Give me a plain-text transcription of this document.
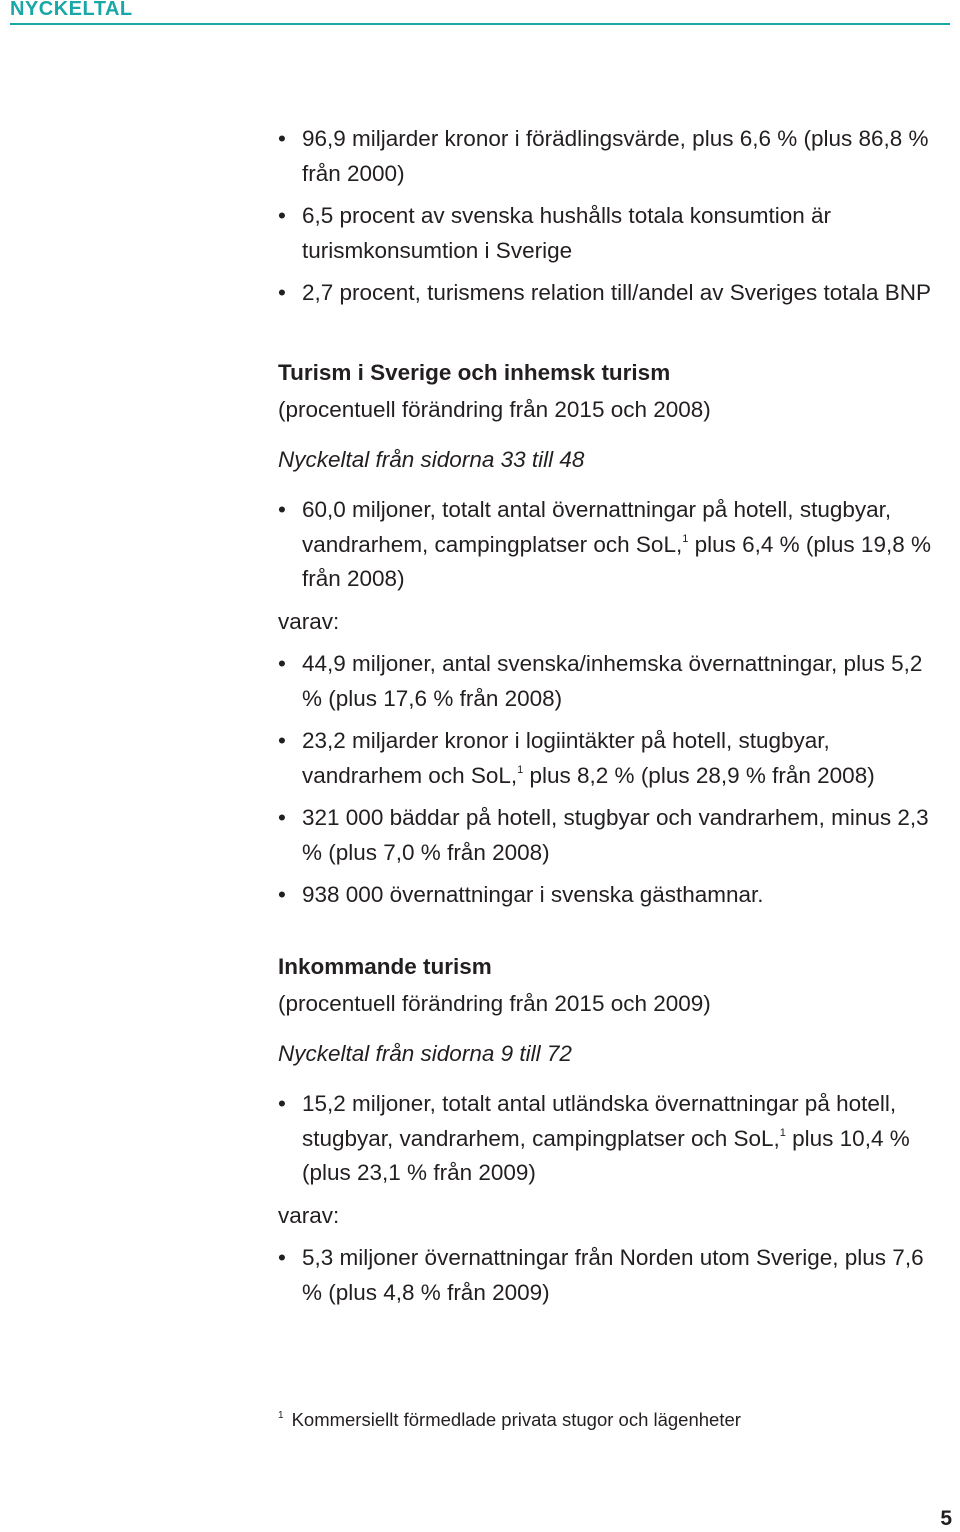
NYCKELTAL
• 96,9 miljarder kronor i förädlingsvärde, plus 6,6 % (plus 86,8 % från 2000)
• 6,5 procent av svenska hushålls totala konsumtion är turismkonsumtion i Sverige
• 2,7 procent, turismens relation till/andel av Sveriges totala BNP
Turism i Sverige och inhemsk turism
(procentuell förändring från 2015 och 2008)
Nyckeltal från sidorna 33 till 48
• 60,0 miljoner, totalt antal övernattningar på hotell, stugbyar, vandrarhem, campingplatser och SoL,$^1$ plus 6,4 % (plus 19,8 % från 2008)
varav:
• 44,9 miljoner, antal svenska/inhemska övernattningar, plus 5,2 % (plus 17,6 % från 2008)
• 23,2 miljarder kronor i logiintäkter på hotell, stugbyar, vandrarhem och SoL,$^1$ plus 8,2 % (plus 28,9 % från 2008)
• 321 000 bäddar på hotell, stugbyar och vandrarhem, minus 2,3 % (plus 7,0 % från 2008)
• 938 000 övernattningar i svenska gästhamnar.
Inkommande turism
(procentuell förändring från 2015 och 2009)
Nyckeltal från sidorna 9 till 72
• 15,2 miljoner, totalt antal utländska övernattningar på hotell, stugbyar, vandrarhem, campingplatser och SoL,$^1$ plus 10,4 % (plus 23,1 % från 2009)
varav:
• 5,3 miljoner övernattningar från Norden utom Sverige, plus 7,6 % (plus 4,8 % från 2009)
$^1$ Kommersiellt förmedlade privata stugor och lägenheter
5
